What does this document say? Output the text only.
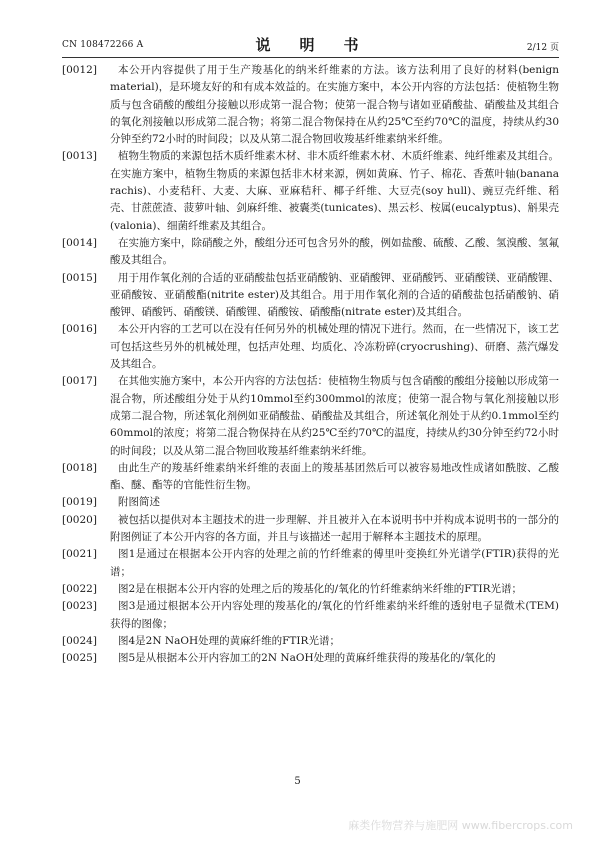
CN 108472266 A	说　明　书	2/12 页
[0012]	本公开内容提供了用于生产羧基化的纳米纤维素的方法。该方法利用了良好的材料(benign material)，是环境友好的和有成本效益的。在实施方案中，本公开内容的方法包括：使植物生物质与包含硝酸的酸组分接触以形成第一混合物；使第一混合物与诸如亚硝酸盐、硝酸盐及其组合的氧化剂接触以形成第二混合物；将第二混合物保持在从约25℃至约70℃的温度，持续从约30分钟至约72小时的时间段；以及从第二混合物回收羧基纤维素纳米纤维。
[0013]	植物生物质的来源包括木质纤维素木材、非木质纤维素木材、木质纤维素、纯纤维素及其组合。在实施方案中，植物生物质的来源包括非木材来源，例如黄麻、竹子、棉花、香蕉叶轴(banana rachis)、小麦秸秆、大麦、大麻、亚麻秸秆、椰子纤维、大豆壳(soy hull)、豌豆壳纤维、稻壳、甘蔗蔗渣、菠萝叶轴、剑麻纤维、被囊类(tunicates)、黑云杉、桉属(eucalyptus)、斛果壳(valonia)、细菌纤维素及其组合。
[0014]	在实施方案中，除硝酸之外，酸组分还可包含另外的酸，例如盐酸、硫酸、乙酸、氢溴酸、氢氟酸及其组合。
[0015]	用于用作氧化剂的合适的亚硝酸盐包括亚硝酸钠、亚硝酸钾、亚硝酸钙、亚硝酸镁、亚硝酸锂、亚硝酸铵、亚硝酸酯(nitrite ester)及其组合。用于用作氧化剂的合适的硝酸盐包括硝酸钠、硝酸钾、硝酸钙、硝酸镁、硝酸锂、硝酸铵、硝酸酯(nitrate ester)及其组合。
[0016]	本公开内容的工艺可以在没有任何另外的机械处理的情况下进行。然而，在一些情况下，该工艺可包括这些另外的机械处理，包括声处理、均质化、冷冻粉碎(cryocrushing)、研磨、蒸汽爆发及其组合。
[0017]	在其他实施方案中，本公开内容的方法包括：使植物生物质与包含硝酸的酸组分接触以形成第一混合物，所述酸组分处于从约10mmol至约300mmol的浓度；使第一混合物与氧化剂接触以形成第二混合物，所述氧化剂例如亚硝酸盐、硝酸盐及其组合，所述氧化剂处于从约0.1mmol至约60mmol的浓度；将第二混合物保持在从约25℃至约70℃的温度，持续从约30分钟至约72小时的时间段；以及从第二混合物回收羧基纤维素纳米纤维。
[0018]	由此生产的羧基纤维素纳米纤维的表面上的羧基基团然后可以被容易地改性成诸如酰胺、乙酸酯、醚、酯等的官能性衍生物。
[0019]	附图简述
[0020]	被包括以提供对本主题技术的进一步理解、并且被并入在本说明书中并构成本说明书的一部分的附图例证了本公开内容的各方面，并且与该描述一起用于解释本主题技术的原理。
[0021]	图1是通过在根据本公开内容的处理之前的竹纤维素的傅里叶变换红外光谱学(FTIR)获得的光谱；
[0022]	图2是在根据本公开内容的处理之后的羧基化的/氧化的竹纤维素纳米纤维的FTIR光谱；
[0023]	图3是通过根据本公开内容处理的羧基化的/氧化的竹纤维素纳米纤维的透射电子显微术(TEM)获得的图像；
[0024]	图4是2N NaOH处理的黄麻纤维的FTIR光谱；
[0025]	图5是从根据本公开内容加工的2N NaOH处理的黄麻纤维获得的羧基化的/氧化的
5
麻类作物营养与施肥网 www.fibercrops.com
